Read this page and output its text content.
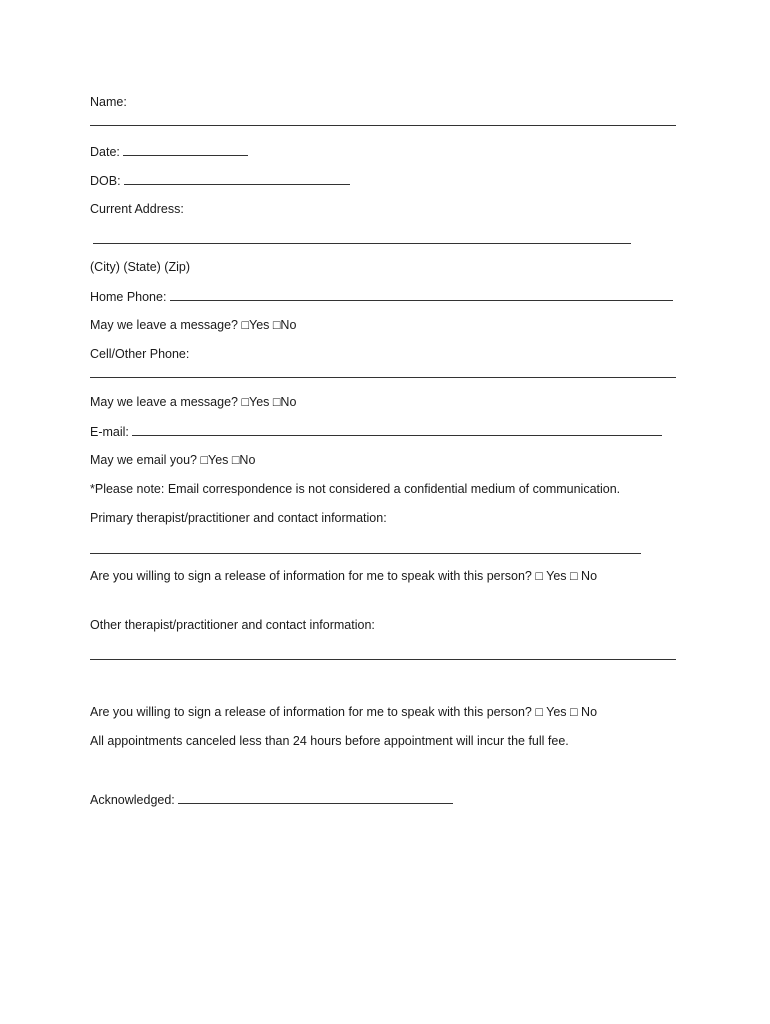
Name:
Date:
DOB:
Current Address:
(City) (State) (Zip)
Home Phone:
May we leave a message? □Yes □No
Cell/Other Phone:
May we leave a message? □Yes □No
E-mail:
May we email you? □Yes □No
*Please note: Email correspondence is not considered a confidential medium of communication.
Primary therapist/practitioner and contact information:
Are you willing to sign a release of information for me to speak with this person? □ Yes □ No
Other therapist/practitioner and contact information:
Are you willing to sign a release of information for me to speak with this person? □ Yes □ No
All appointments canceled less than 24 hours before appointment will incur the full fee.
Acknowledged:
